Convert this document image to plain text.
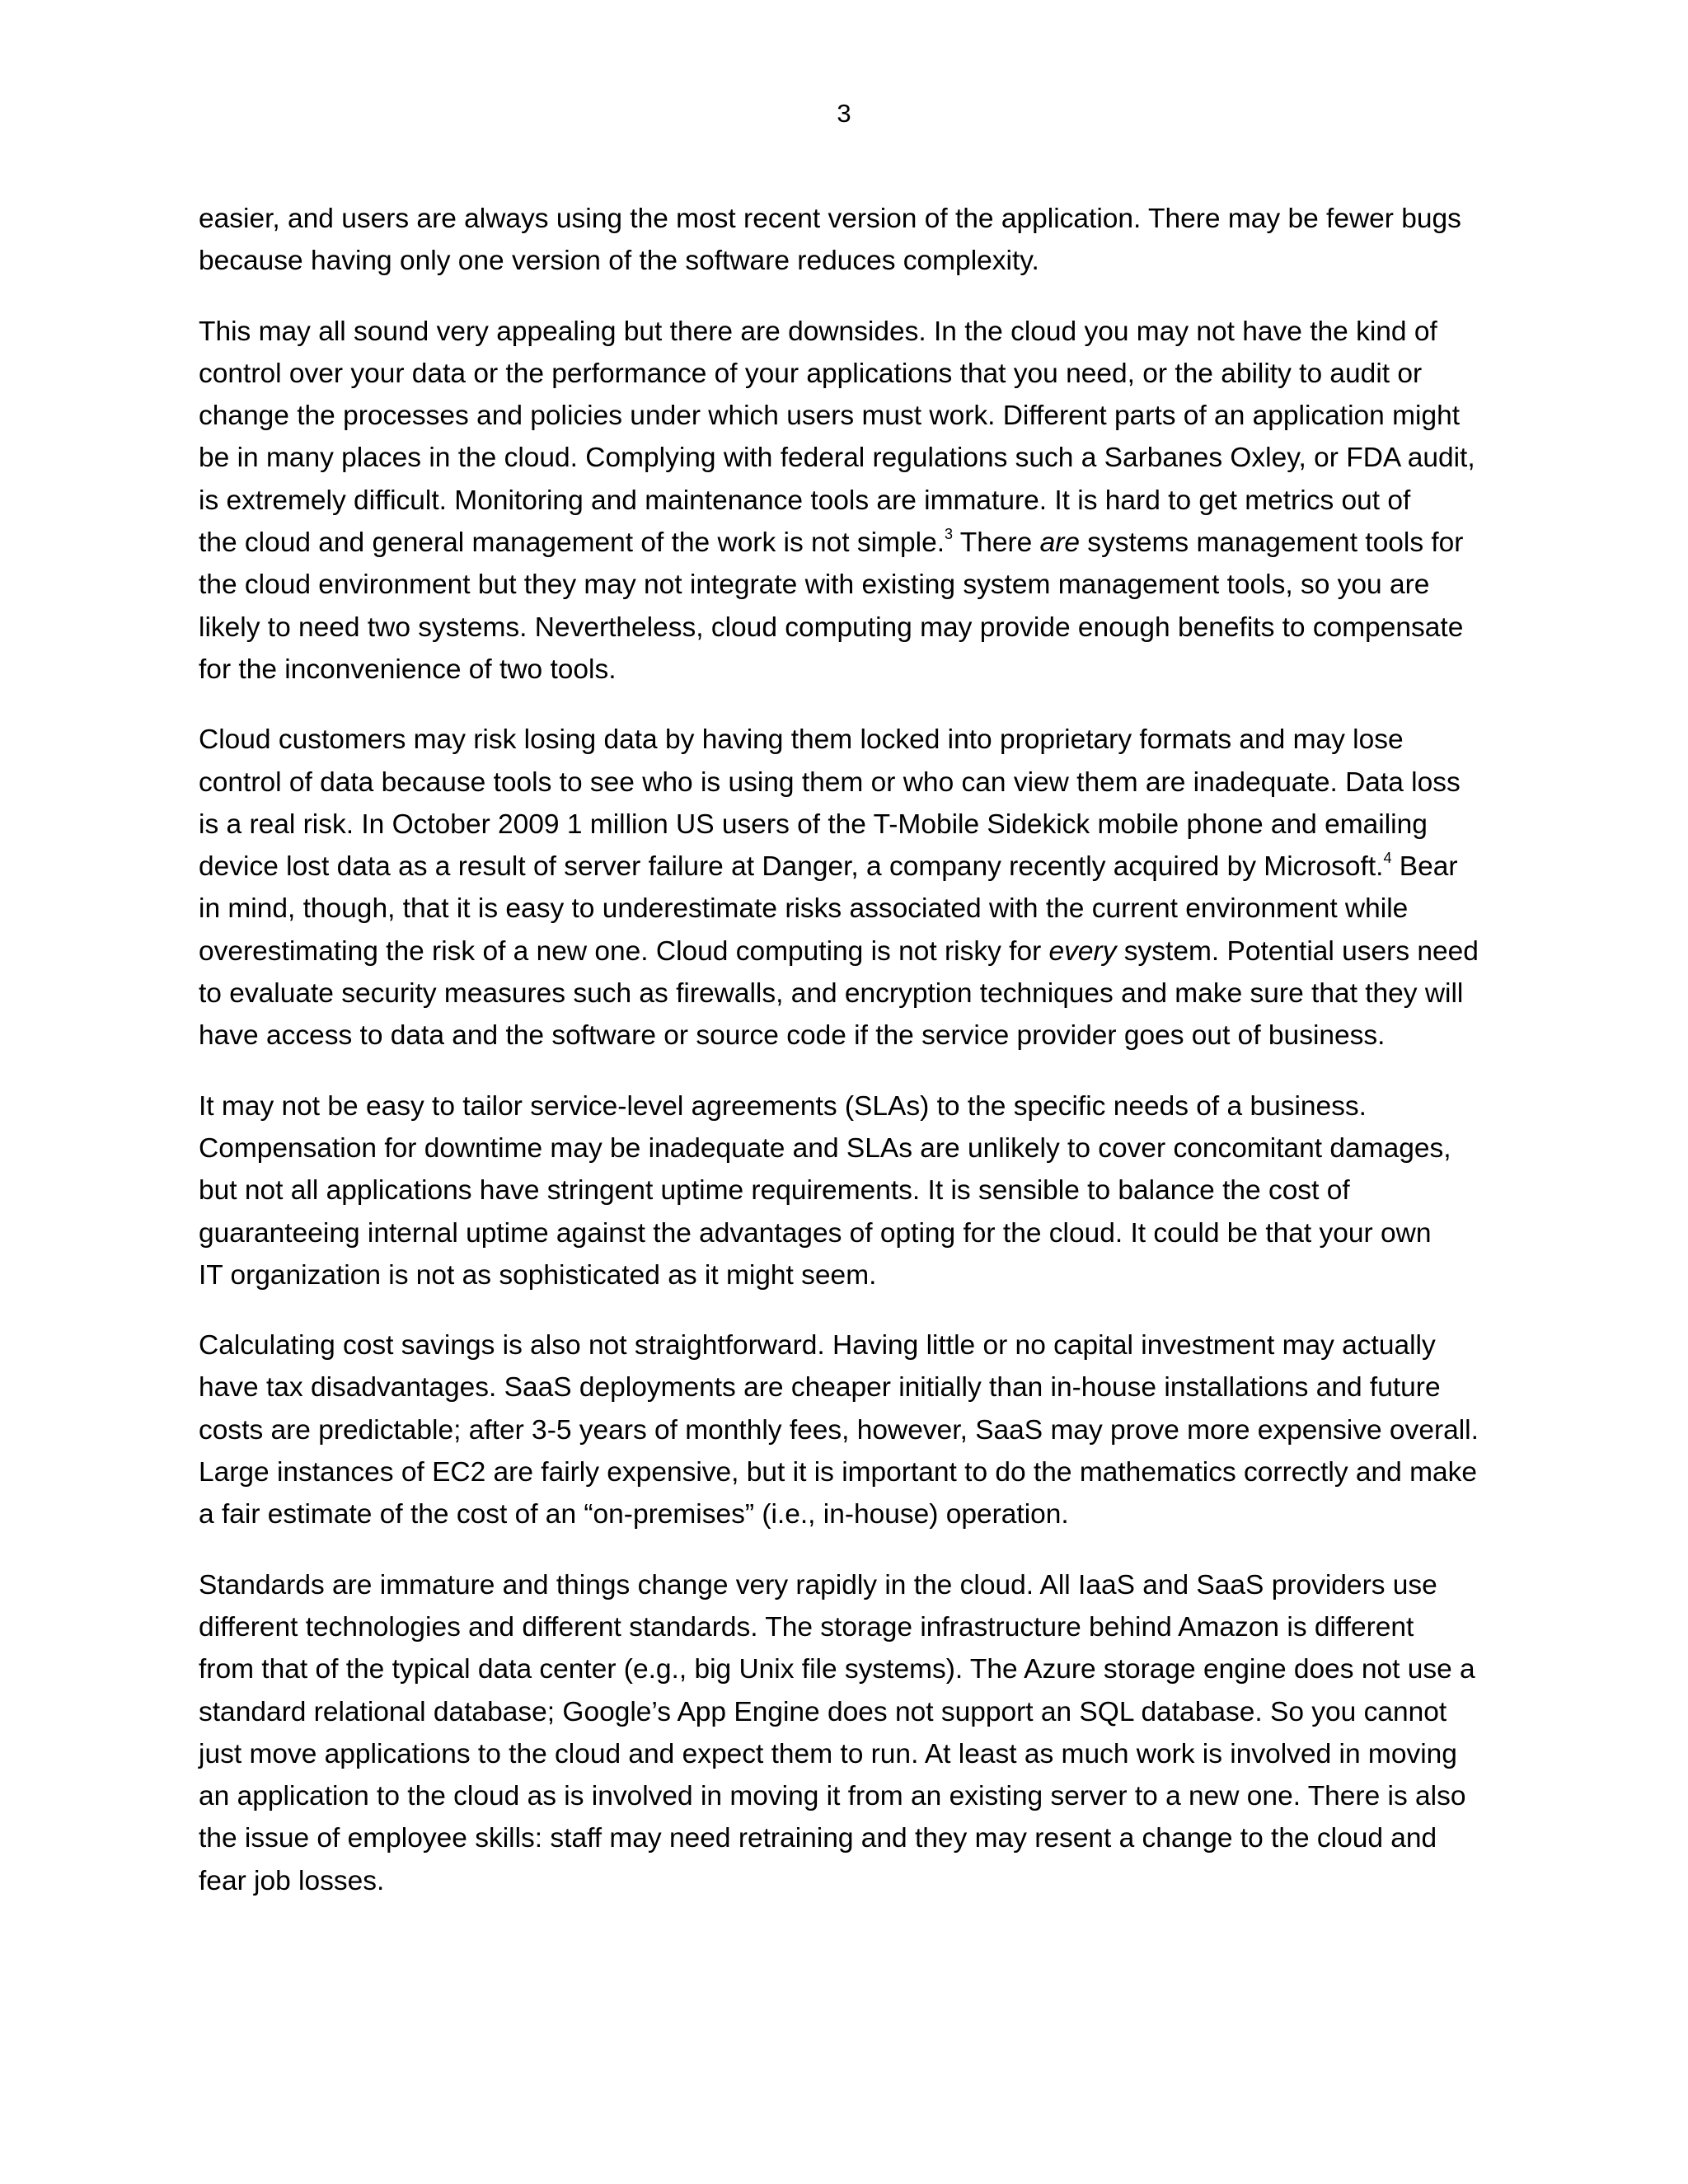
3

easier, and users are always using the most recent version of the application. There may be fewer bugs
because having only one version of the software reduces complexity.

This may all sound very appealing but there are downsides. In the cloud you may not have the kind of
control over your data or the performance of your applications that you need, or the ability to audit or
change the processes and policies under which users must work. Different parts of an application might
be in many places in the cloud. Complying with federal regulations such a Sarbanes Oxley, or FDA audit,
is extremely difficult. Monitoring and maintenance tools are immature. It is hard to get metrics out of
the cloud and general management of the work is not simple.$^3$ There are systems management tools for
the cloud environment but they may not integrate with existing system management tools, so you are
likely to need two systems. Nevertheless, cloud computing may provide enough benefits to compensate
for the inconvenience of two tools.

Cloud customers may risk losing data by having them locked into proprietary formats and may lose
control of data because tools to see who is using them or who can view them are inadequate. Data loss
is a real risk. In October 2009 1 million US users of the T-Mobile Sidekick mobile phone and emailing
device lost data as a result of server failure at Danger, a company recently acquired by Microsoft.$^4$ Bear
in mind, though, that it is easy to underestimate risks associated with the current environment while
overestimating the risk of a new one. Cloud computing is not risky for every system. Potential users need
to evaluate security measures such as firewalls, and encryption techniques and make sure that they will
have access to data and the software or source code if the service provider goes out of business.

It may not be easy to tailor service-level agreements (SLAs) to the specific needs of a business.
Compensation for downtime may be inadequate and SLAs are unlikely to cover concomitant damages,
but not all applications have stringent uptime requirements. It is sensible to balance the cost of
guaranteeing internal uptime against the advantages of opting for the cloud. It could be that your own
IT organization is not as sophisticated as it might seem.

Calculating cost savings is also not straightforward. Having little or no capital investment may actually
have tax disadvantages. SaaS deployments are cheaper initially than in-house installations and future
costs are predictable; after 3-5 years of monthly fees, however, SaaS may prove more expensive overall.
Large instances of EC2 are fairly expensive, but it is important to do the mathematics correctly and make
a fair estimate of the cost of an “on-premises” (i.e., in-house) operation.

Standards are immature and things change very rapidly in the cloud. All IaaS and SaaS providers use
different technologies and different standards. The storage infrastructure behind Amazon is different
from that of the typical data center (e.g., big Unix file systems). The Azure storage engine does not use a
standard relational database; Google’s App Engine does not support an SQL database. So you cannot
just move applications to the cloud and expect them to run. At least as much work is involved in moving
an application to the cloud as is involved in moving it from an existing server to a new one. There is also
the issue of employee skills: staff may need retraining and they may resent a change to the cloud and
fear job losses.
